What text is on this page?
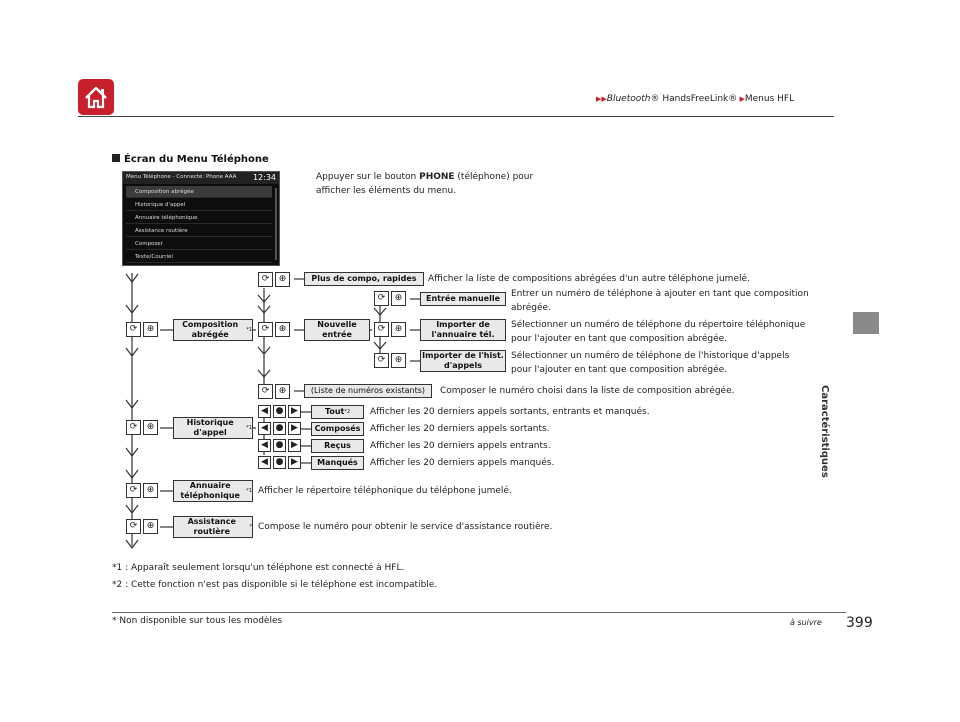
▶▶Bluetooth® HandsFreeLink® ▶Menus HFL
Caractéristiques
Écran du Menu Téléphone
Menu Téléphone - Connecté: Phone AAA 12:34
Composition abrégée
Historique d'appel
Annuaire téléphonique
Assistance routière
Composer
Texte/Courriel
Appuyer sur le bouton PHONE (téléphone) pour
afficher les éléments du menu.
⟳	⊕	Composition abrégée	*1
⟳	⊕	Historique d'appel	*1
⟳	⊕	Annuaire téléphonique	*1 Afficher le répertoire téléphonique du téléphone jumelé.
⟳	⊕	Assistance routière	* Compose le numéro pour obtenir le service d'assistance routière.
⟳	⊕	Plus de compo, rapides	Afficher la liste de compositions abrégées d'un autre téléphone jumelé.
⟳	⊕	Entrée manuelle	Entrer un numéro de téléphone à ajouter en tant que composition
abrégée.
⟳	⊕	Nouvelle entrée
⟳	⊕	Importer de l'annuaire tél.
Sélectionner un numéro de téléphone du répertoire téléphonique
pour l'ajouter en tant que composition abrégée.
⟳	⊕	Importer de l'hist. d'appels
Sélectionner un numéro de téléphone de l'historique d'appels
pour l'ajouter en tant que composition abrégée.
⟳	⊕	(Liste de numéros existants)	Composer le numéro choisi dans la liste de composition abrégée.
◀ ● ▶	Tout *2 Afficher les 20 derniers appels sortants, entrants et manqués.
◀ ● ▶	Composés	Afficher les 20 derniers appels sortants.
◀ ● ▶	Reçus	Afficher les 20 derniers appels entrants.
◀ ● ▶	Manqués	Afficher les 20 derniers appels manqués.
*1 : Apparaît seulement lorsqu'un téléphone est connecté à HFL.
*2 : Cette fonction n'est pas disponible si le téléphone est incompatible.
* Non disponible sur tous les modèles	à suivre 399
